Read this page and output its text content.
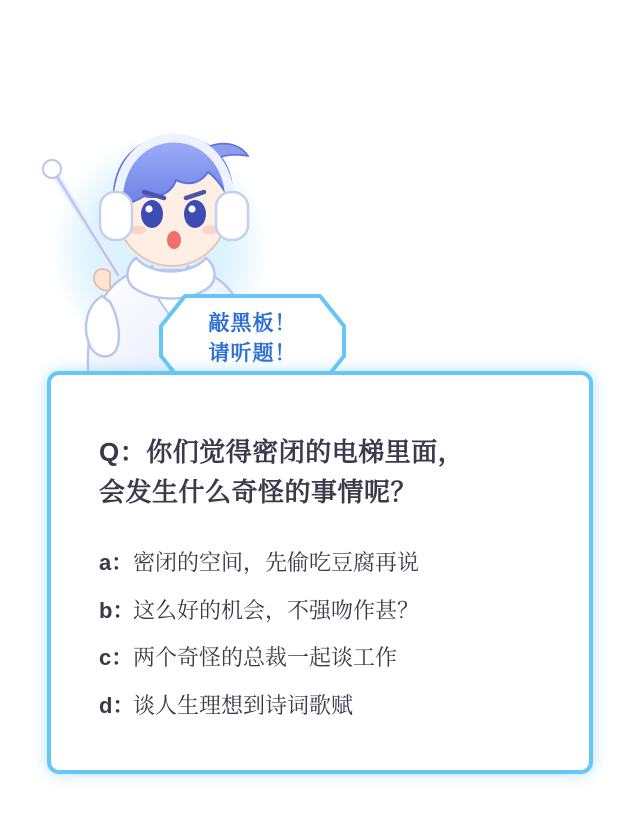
敲黑板！
请听题！
Q：你们觉得密闭的电梯里面，
会发生什么奇怪的事情呢？
a： 密闭的空间，先偷吃豆腐再说
b：
这么好的机会，不强吻作甚？
c： 两个奇怪的总裁一起谈工作
d：
谈人生理想到诗词歌赋
